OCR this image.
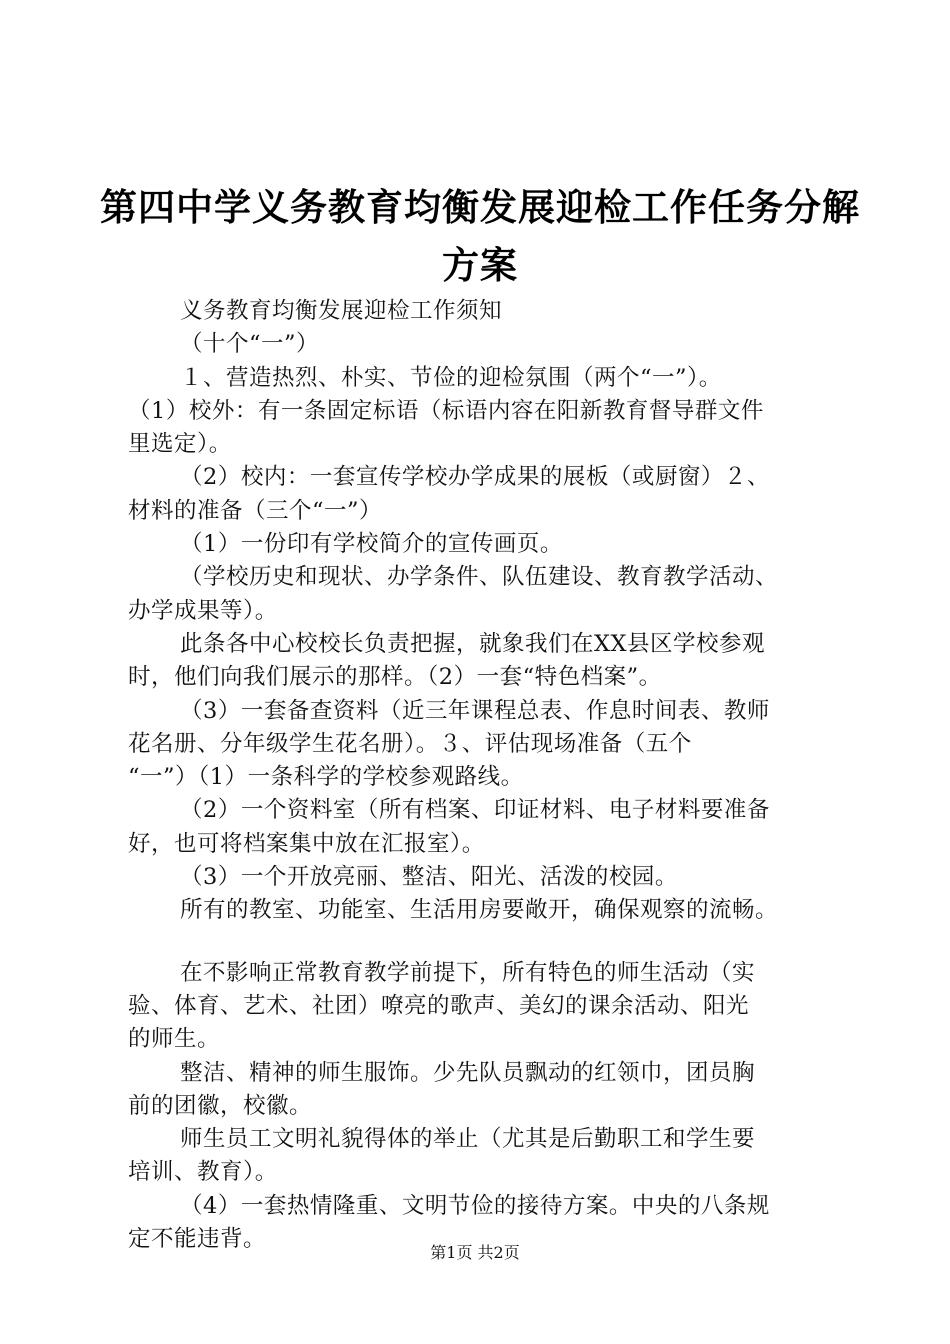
第四中学义务教育均衡发展迎检工作任务分解
方案
义务教育均衡发展迎检工作须知
（十个“一”）
１、营造热烈、朴实、节俭的迎检氛围（两个“一”）。
（1）校外：有一条固定标语（标语内容在阳新教育督导群文件
里选定）。
（2）校内：一套宣传学校办学成果的展板（或厨窗）２、
材料的准备（三个“一”）
（1）一份印有学校简介的宣传画页。
（学校历史和现状、办学条件、队伍建设、教育教学活动、
办学成果等）。
此条各中心校校长负责把握，就象我们在XX县区学校参观
时，他们向我们展示的那样。（2）一套“特色档案”。
（3）一套备查资料（近三年课程总表、作息时间表、教师
花名册、分年级学生花名册）。３、评估现场准备（五个
“一”）（1）一条科学的学校参观路线。
（2）一个资料室（所有档案、印证材料、电子材料要准备
好，也可将档案集中放在汇报室）。
（3）一个开放亮丽、整洁、阳光、活泼的校园。
所有的教室、功能室、生活用房要敞开，确保观察的流畅。
在不影响正常教育教学前提下，所有特色的师生活动（实
验、体育、艺术、社团）嘹亮的歌声、美幻的课余活动、阳光
的师生。
整洁、精神的师生服饰。少先队员飘动的红领巾，团员胸
前的团徽，校徽。
师生员工文明礼貌得体的举止（尤其是后勤职工和学生要
培训、教育）。
（4）一套热情隆重、文明节俭的接待方案。中央的八条规
定不能违背。
第1页 共2页
